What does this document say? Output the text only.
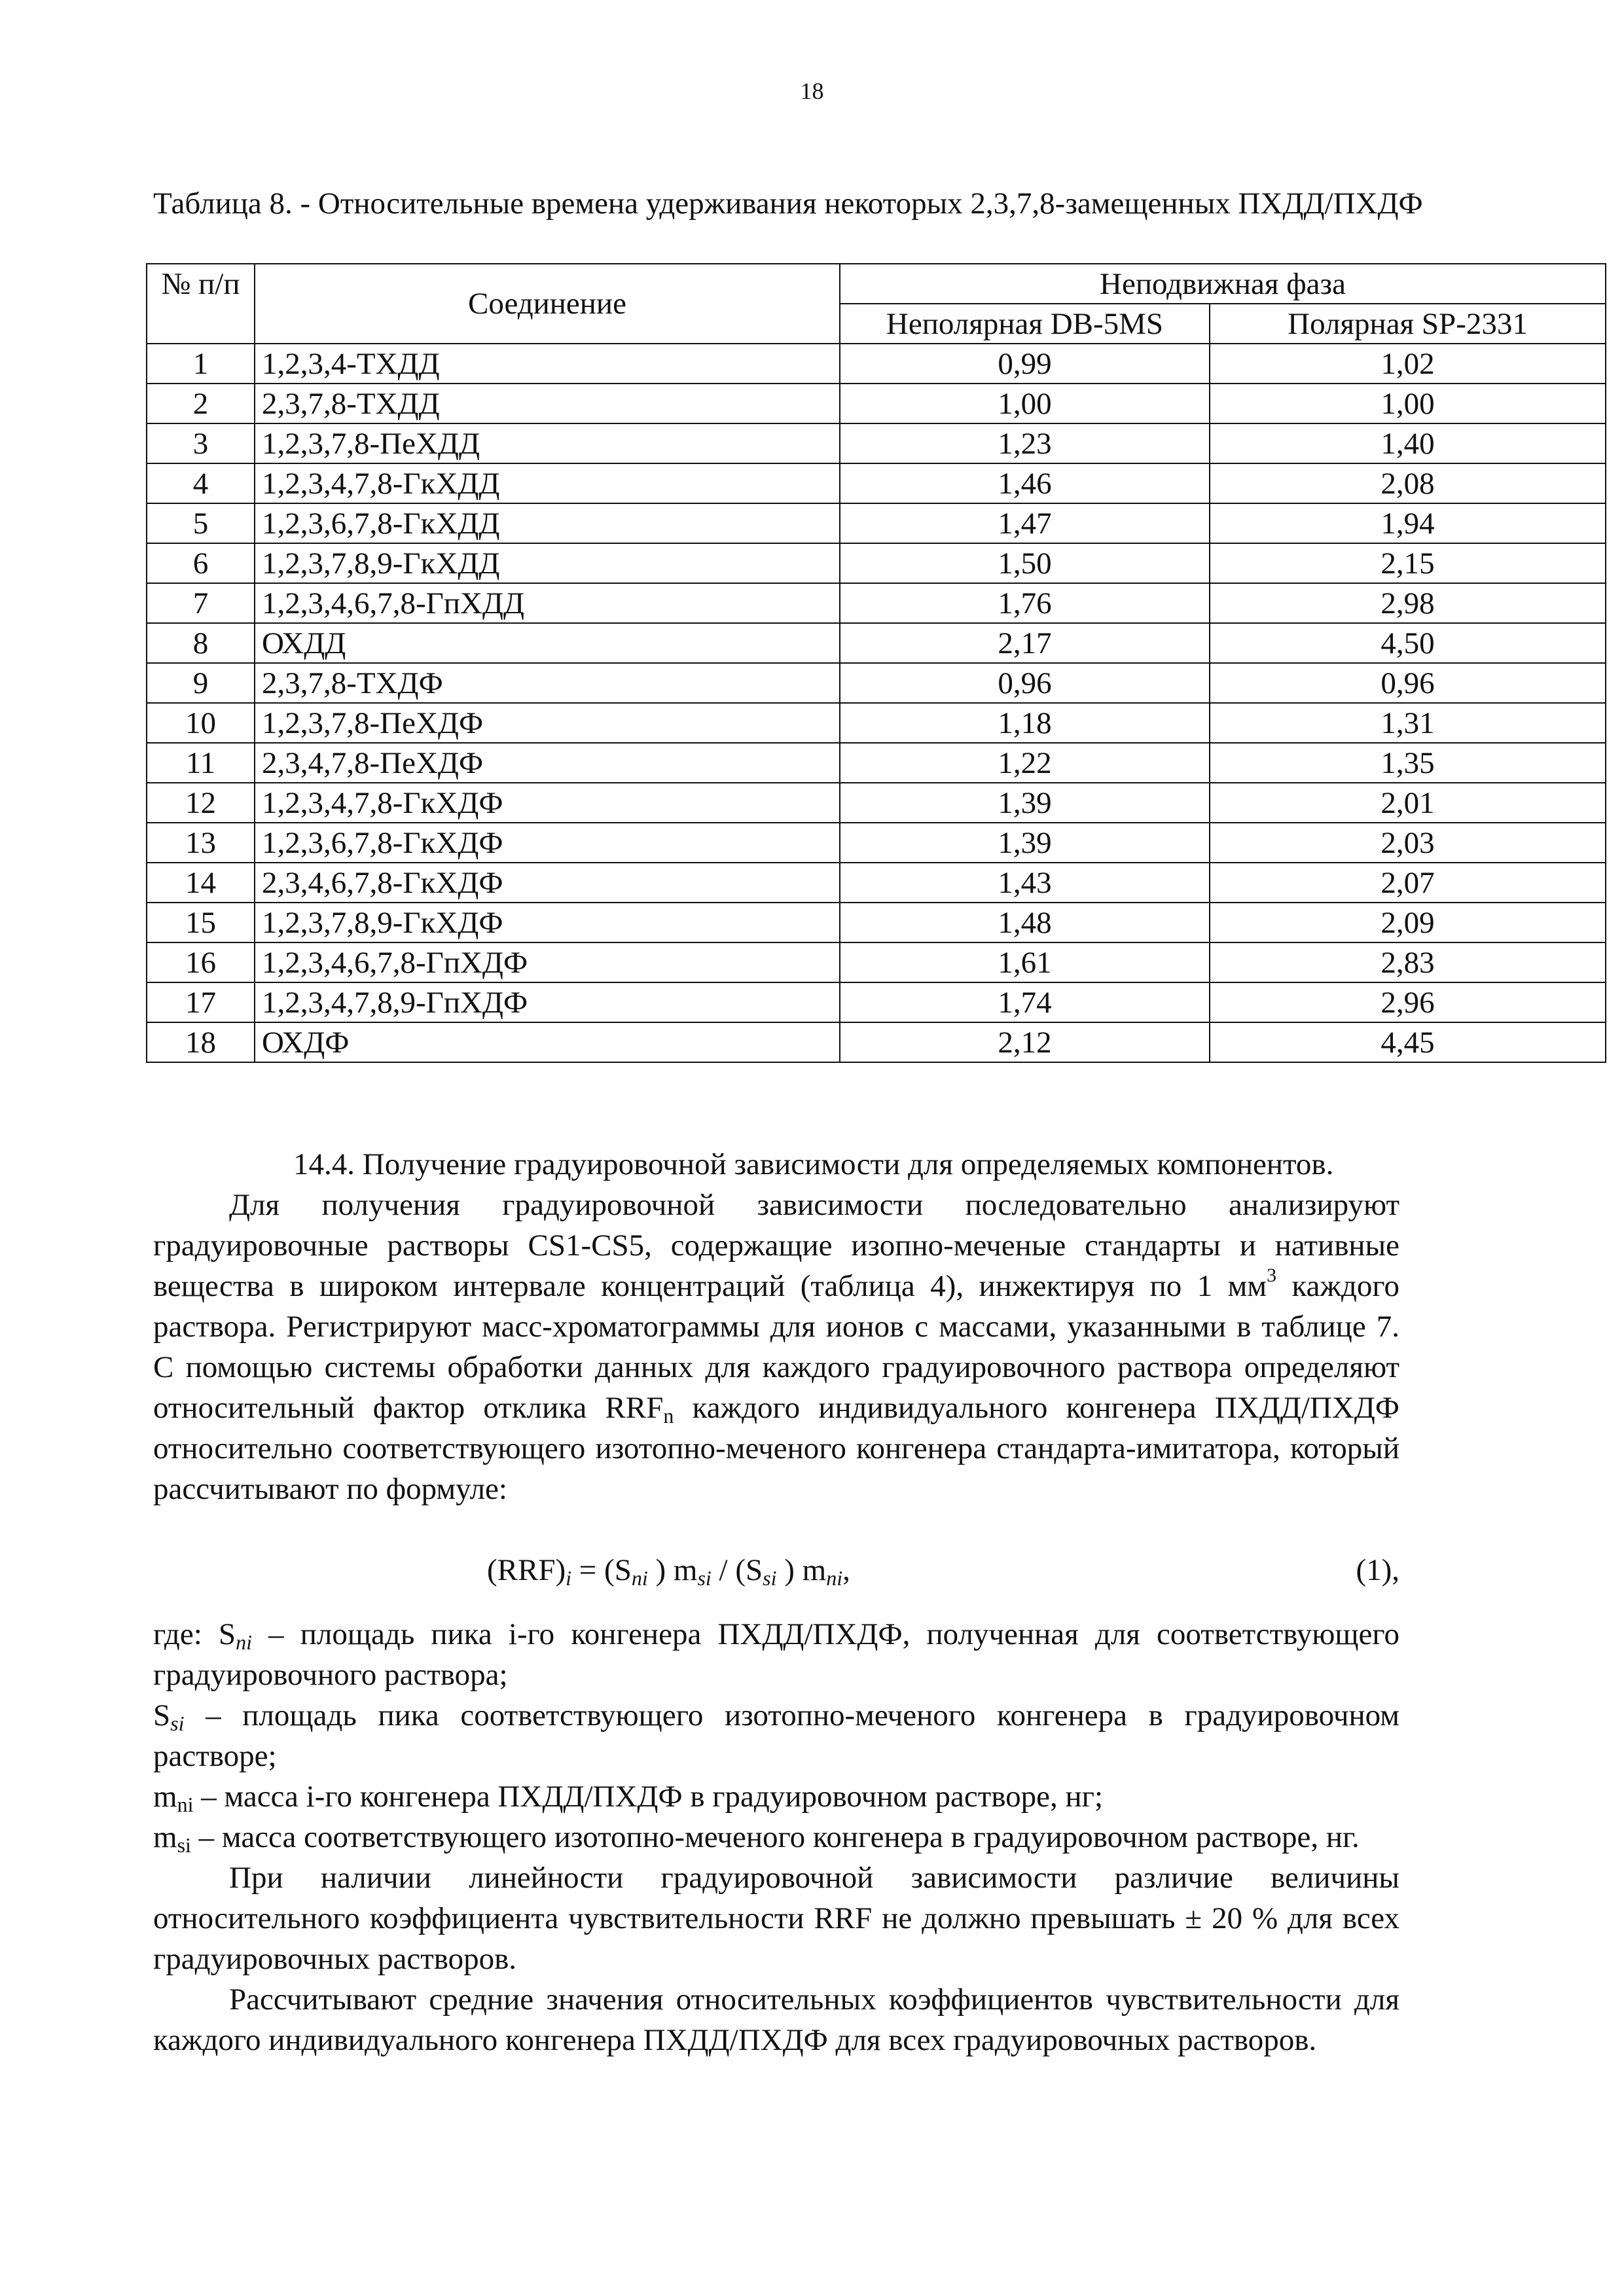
18
Таблица 8. - Относительные времена удерживания некоторых 2,3,7,8-замещенных ПХДД/ПХДФ
№ п/п	Соединение	Неподвижная фаза	
		Неполярная DB-5MS	Полярная SP-2331
1	1,2,3,4-ТХДД	0,99	1,02
2	2,3,7,8-ТХДД	1,00	1,00
3	1,2,3,7,8-ПеХДД	1,23	1,40
4	1,2,3,4,7,8-ГкХДД	1,46	2,08
5	1,2,3,6,7,8-ГкХДД	1,47	1,94
6	1,2,3,7,8,9-ГкХДД	1,50	2,15
7	1,2,3,4,6,7,8-ГпХДД	1,76	2,98
8	ОХДД	2,17	4,50
9	2,3,7,8-ТХДФ	0,96	0,96
10	1,2,3,7,8-ПеХДФ	1,18	1,31
11	2,3,4,7,8-ПеХДФ	1,22	1,35
12	1,2,3,4,7,8-ГкХДФ	1,39	2,01
13	1,2,3,6,7,8-ГкХДФ	1,39	2,03
14	2,3,4,6,7,8-ГкХДФ	1,43	2,07
15	1,2,3,7,8,9-ГкХДФ	1,48	2,09
16	1,2,3,4,6,7,8-ГпХДФ	1,61	2,83
17	1,2,3,4,7,8,9-ГпХДФ	1,74	2,96
18	ОХДФ	2,12	4,45

14.4. Получение градуировочной зависимости для определяемых компонентов.

Для получения градуировочной зависимости последовательно анализируют градуировочные растворы CS1-CS5, содержащие изопно-меченые стандарты и нативные вещества в широком интервале концентраций (таблица 4), инжектируя по 1 $мм^3$ каждого раствора. Регистрируют масс-хроматограммы для ионов с массами, указанными в таблице 7. С помощью системы обработки данных для каждого градуировочного раствора определяют относительный фактор отклика $RRF_n$ каждого индивидуального конгенера ПХДД/ПХДФ относительно соответствующего изотопно-меченого конгенера стандарта-имитатора, который рассчитывают по формуле:

$(RRF)_i = (S_{ni}$ ) $m_{si} / (S_{si}$ ) $m_{ni}$,	(1),

где: $S_{ni}$ – площадь пика i-го конгенера ПХДД/ПХДФ, полученная для соответствующего градуировочного раствора;

$S_{si}$ – площадь пика соответствующего изотопно-меченого конгенера в градуировочном растворе;

$m_{ni}$ – масса i-го конгенера ПХДД/ПХДФ в градуировочном растворе, нг;

$m_{si}$ – масса соответствующего изотопно-меченого конгенера в градуировочном растворе, нг.

При наличии линейности градуировочной зависимости различие величины относительного коэффициента чувствительности RRF не должно превышать ± 20 % для всех градуировочных растворов.

Рассчитывают средние значения относительных коэффициентов чувствительности для каждого индивидуального конгенера ПХДД/ПХДФ для всех градуировочных растворов.
